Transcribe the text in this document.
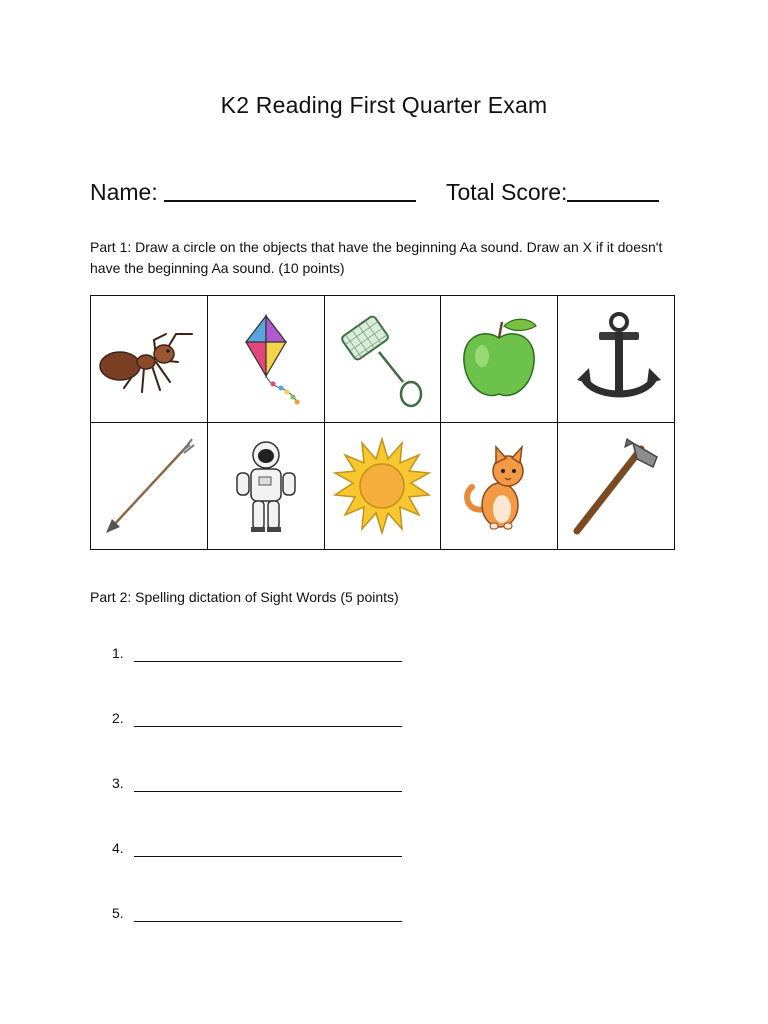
K2 Reading First Quarter Exam
Name:	Total Score:
Part 1: Draw a circle on the objects that have the beginning Aa sound. Draw an X if it doesn't have the beginning Aa sound. (10 points)
Part 2: Spelling dictation of Sight Words (5 points)
1.
2.
3.
4.
5.
